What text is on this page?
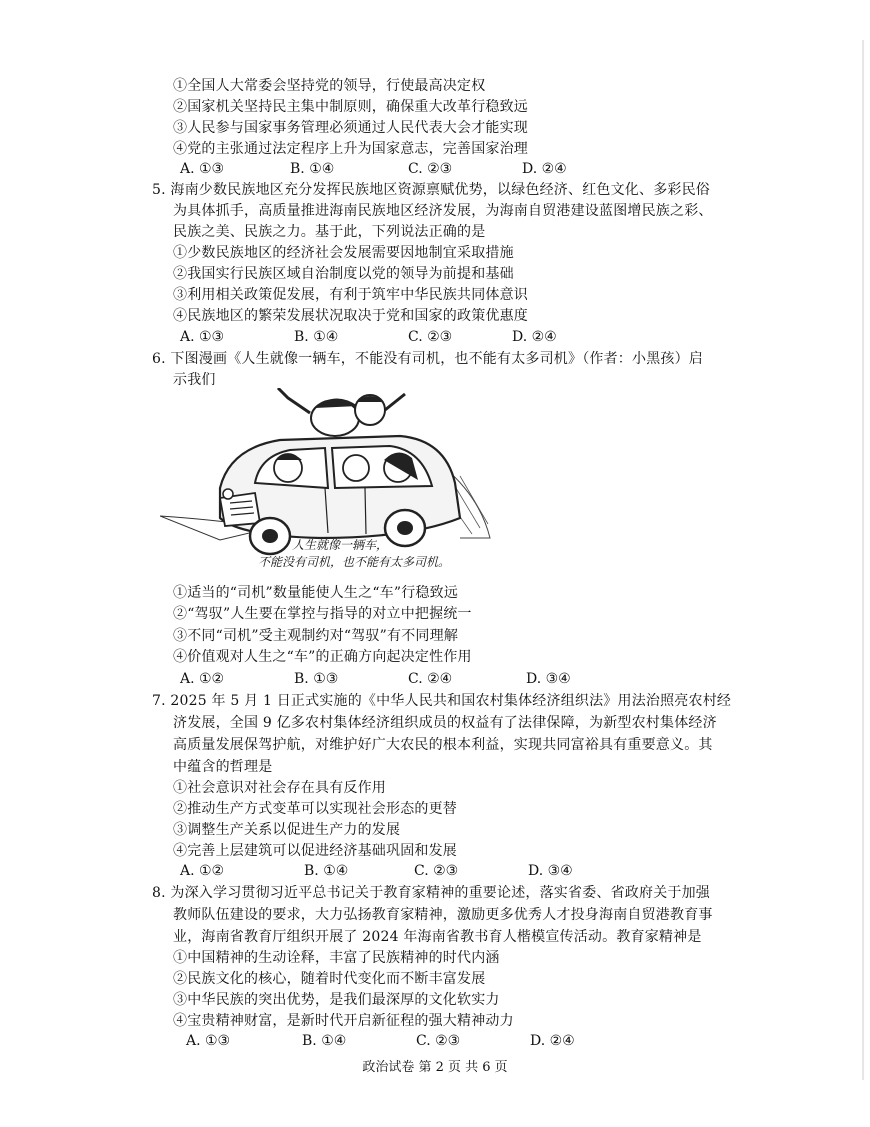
①全国人大常委会坚持党的领导，行使最高决定权
②国家机关坚持民主集中制原则，确保重大改革行稳致远
③人民参与国家事务管理必须通过人民代表大会才能实现
④党的主张通过法定程序上升为国家意志，完善国家治理
A. ①③	B. ①④	C. ②③	D. ②④
5. 海南少数民族地区充分发挥民族地区资源禀赋优势，以绿色经济、红色文化、多彩民俗
为具体抓手，高质量推进海南民族地区经济发展，为海南自贸港建设蓝图增民族之彩、
民族之美、民族之力。基于此，下列说法正确的是
①少数民族地区的经济社会发展需要因地制宜采取措施
②我国实行民族区域自治制度以党的领导为前提和基础
③利用相关政策促发展，有利于筑牢中华民族共同体意识
④民族地区的繁荣发展状况取决于党和国家的政策优惠度
A. ①③	B. ①④	C. ②③	D. ②④
6. 下图漫画《人生就像一辆车，不能没有司机，也不能有太多司机》（作者：小黑孩）启
示我们
人生就像一辆车，
不能没有司机，也不能有太多司机。
①适当的“司机”数量能使人生之“车”行稳致远
②“驾驭”人生要在掌控与指导的对立中把握统一
③不同“司机”受主观制约对“驾驭”有不同理解
④价值观对人生之“车”的正确方向起决定性作用
A. ①②	B. ①③	C. ②④	D. ③④
7. 2025 年 5 月 1 日正式实施的《中华人民共和国农村集体经济组织法》用法治照亮农村经
济发展，全国 9 亿多农村集体经济组织成员的权益有了法律保障，为新型农村集体经济
高质量发展保驾护航，对维护好广大农民的根本利益，实现共同富裕具有重要意义。其
中蕴含的哲理是
①社会意识对社会存在具有反作用
②推动生产方式变革可以实现社会形态的更替
③调整生产关系以促进生产力的发展
④完善上层建筑可以促进经济基础巩固和发展
A. ①②	B. ①④	C. ②③	D. ③④
8. 为深入学习贯彻习近平总书记关于教育家精神的重要论述，落实省委、省政府关于加强
教师队伍建设的要求，大力弘扬教育家精神，激励更多优秀人才投身海南自贸港教育事
业，海南省教育厅组织开展了 2024 年海南省教书育人楷模宣传活动。教育家精神是
①中国精神的生动诠释，丰富了民族精神的时代内涵
②民族文化的核心，随着时代变化而不断丰富发展
③中华民族的突出优势，是我们最深厚的文化软实力
④宝贵精神财富，是新时代开启新征程的强大精神动力
A. ①③	B. ①④	C. ②③	D. ②④
政治试卷 第 2 页 共 6 页
